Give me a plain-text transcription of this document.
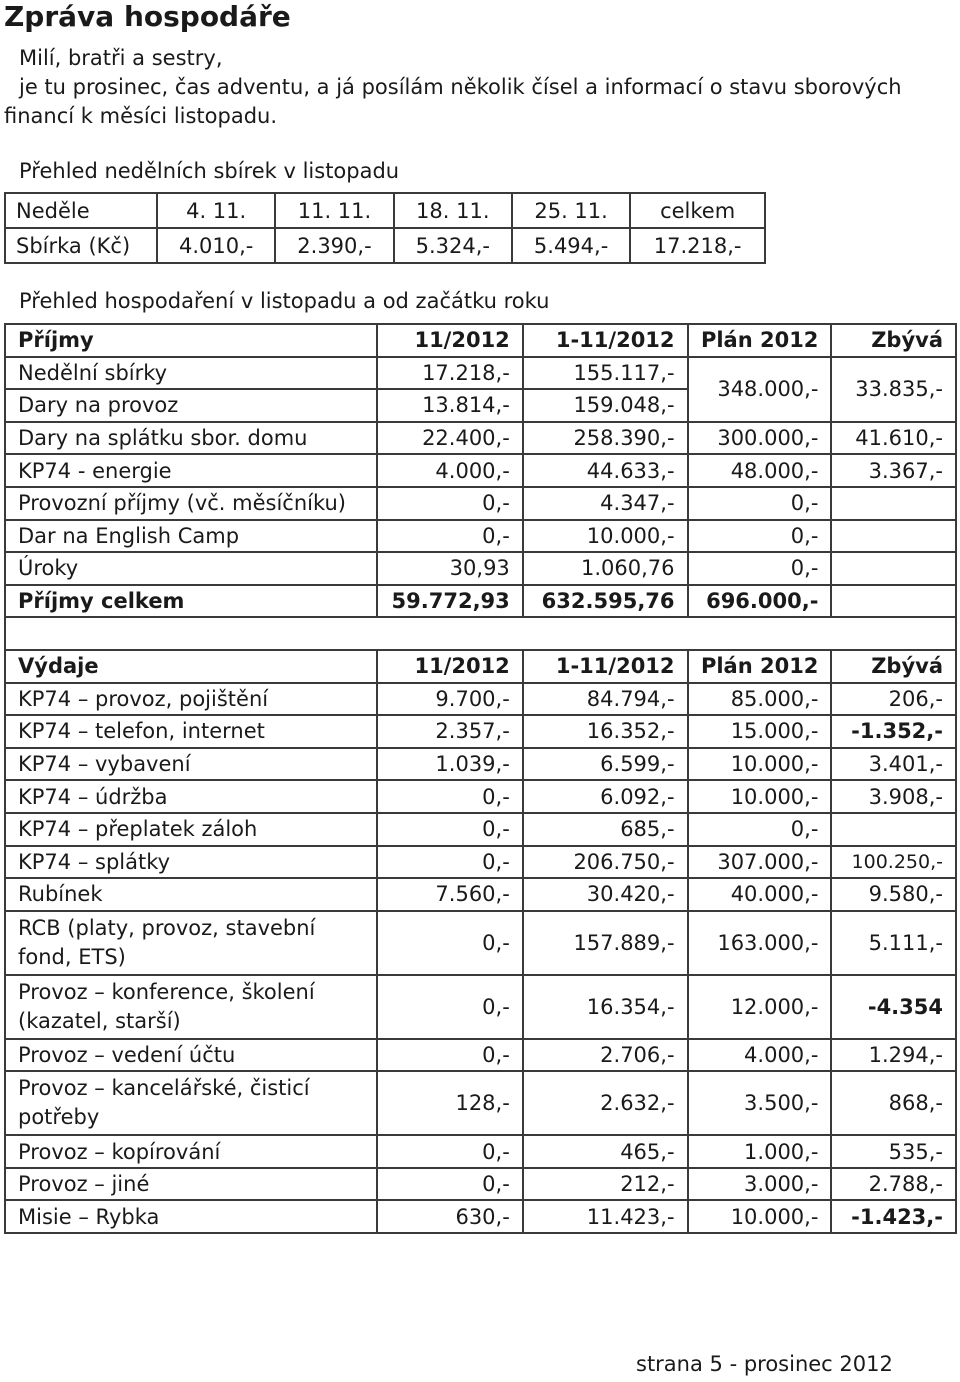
Zpráva hospodáře
Milí, bratři a sestry,
je tu prosinec, čas adventu, a já posílám několik čísel a informací o stavu sborových
financí k měsíci listopadu.
Přehled nedělních sbírek v listopadu
Neděle	4. 11.	11. 11.	18. 11.	25. 11.	celkem
Sbírka (Kč)	4.010,-	2.390,-	5.324,-	5.494,-	17.218,-
Přehled hospodaření v listopadu a od začátku roku
Příjmy	11/2012	1-11/2012	Plán 2012	Zbývá
Nedělní sbírky	17.218,-	155.117,-	348.000,-	33.835,-
Dary na provoz	13.814,-	159.048,-		
Dary na splátku sbor. domu	22.400,-	258.390,-	300.000,-	41.610,-
KP74 - energie	4.000,-	44.633,-	48.000,-	3.367,-
Provozní příjmy (vč. měsíčníku)	0,-	4.347,-	0,-	
Dar na English Camp	0,-	10.000,-	0,-	
Úroky	30,93	1.060,76	0,-	
Příjmy celkem	59.772,93	632.595,76	696.000,-	

Výdaje	11/2012	1-11/2012	Plán 2012	Zbývá
KP74 – provoz, pojištění	9.700,-	84.794,-	85.000,-	206,-
KP74 – telefon, internet	2.357,-	16.352,-	15.000,-	-1.352,-
KP74 – vybavení	1.039,-	6.599,-	10.000,-	3.401,-
KP74 – údržba	0,-	6.092,-	10.000,-	3.908,-
KP74 – přeplatek záloh	0,-	685,-	0,-	
KP74 – splátky	0,-	206.750,-	307.000,-	100.250,-
Rubínek	7.560,-	30.420,-	40.000,-	9.580,-
RCB (platy, provoz, stavební fond, ETS)	0,-	157.889,-	163.000,-	5.111,-
Provoz – konference, školení (kazatel, starší)	0,-	16.354,-	12.000,-	-4.354
Provoz – vedení účtu	0,-	2.706,-	4.000,-	1.294,-
Provoz – kancelářské, čisticí potřeby	128,-	2.632,-	3.500,-	868,-
Provoz – kopírování	0,-	465,-	1.000,-	535,-
Provoz – jiné	0,-	212,-	3.000,-	2.788,-
Misie – Rybka	630,-	11.423,-	10.000,-	-1.423,-
strana 5 - prosinec 2012
